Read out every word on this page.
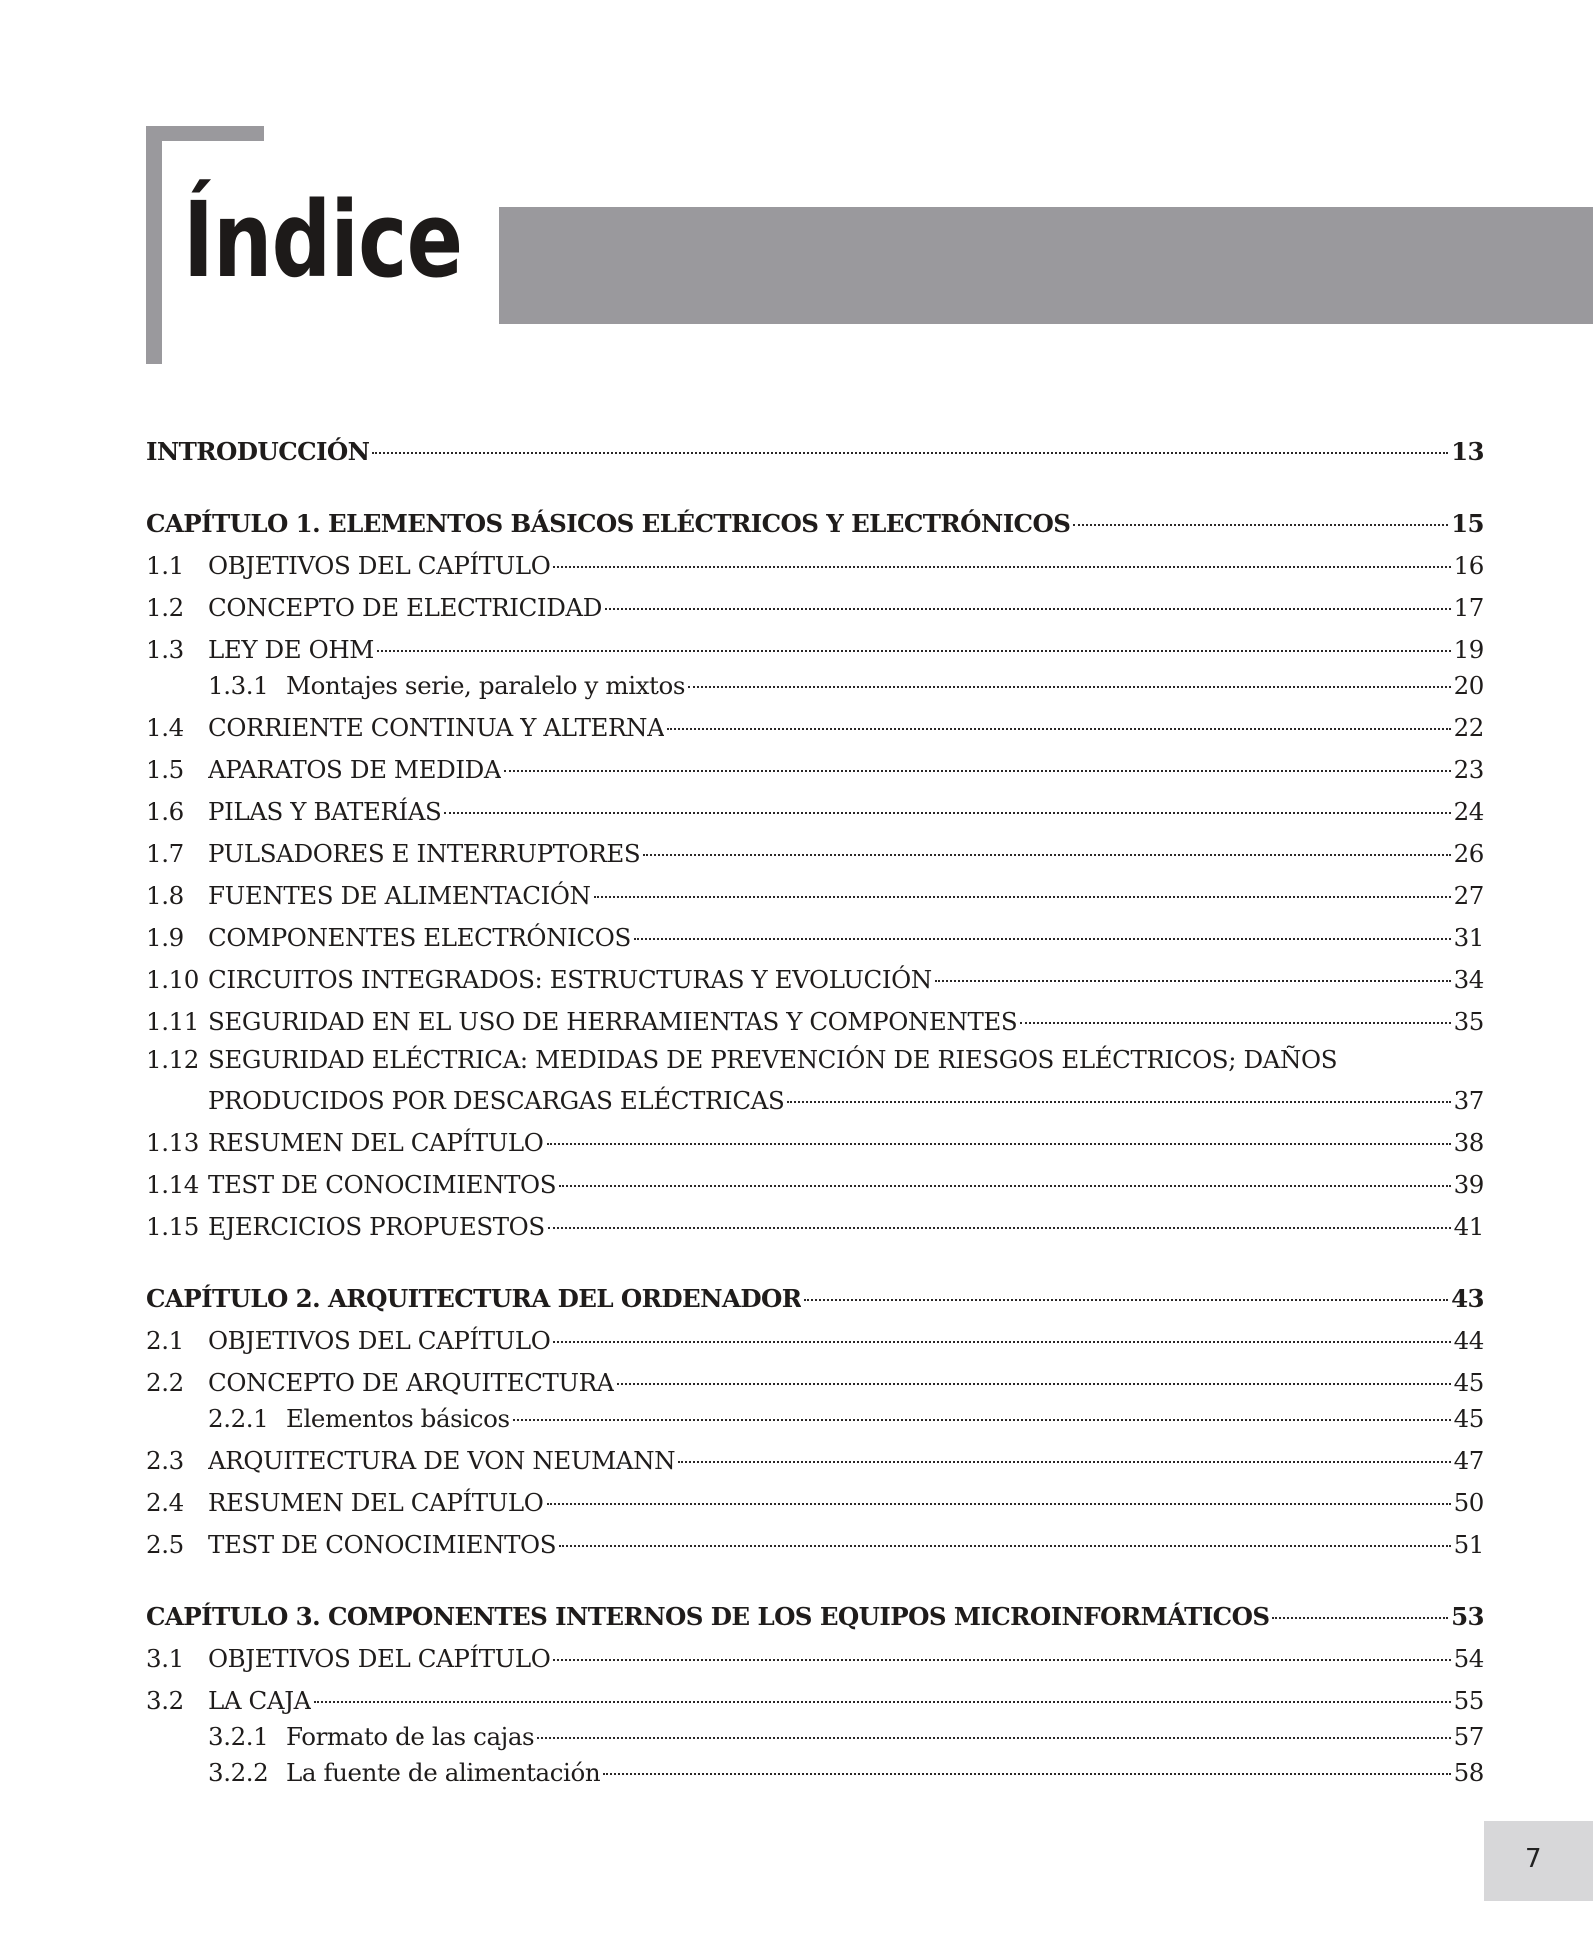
Índice
INTRODUCCIÓN	13
CAPÍTULO 1. ELEMENTOS BÁSICOS ELÉCTRICOS Y ELECTRÓNICOS	15
1.1 OBJETIVOS DEL CAPÍTULO	16
1.2 CONCEPTO DE ELECTRICIDAD	17
1.3 LEY DE OHM	19
1.3.1 Montajes serie, paralelo y mixtos	20
1.4 CORRIENTE CONTINUA Y ALTERNA	22
1.5 APARATOS DE MEDIDA	23
1.6 PILAS Y BATERÍAS	24
1.7 PULSADORES E INTERRUPTORES	26
1.8 FUENTES DE ALIMENTACIÓN	27
1.9 COMPONENTES ELECTRÓNICOS	31
1.10 CIRCUITOS INTEGRADOS: ESTRUCTURAS Y EVOLUCIÓN	34
1.11 SEGURIDAD EN EL USO DE HERRAMIENTAS Y COMPONENTES	35
1.12 SEGURIDAD ELÉCTRICA: MEDIDAS DE PREVENCIÓN DE RIESGOS ELÉCTRICOS; DAÑOS
PRODUCIDOS POR DESCARGAS ELÉCTRICAS	37
1.13 RESUMEN DEL CAPÍTULO	38
1.14 TEST DE CONOCIMIENTOS	39
1.15 EJERCICIOS PROPUESTOS	41
CAPÍTULO 2. ARQUITECTURA DEL ORDENADOR	43
2.1 OBJETIVOS DEL CAPÍTULO	44
2.2 CONCEPTO DE ARQUITECTURA	45
2.2.1 Elementos básicos	45
2.3 ARQUITECTURA DE VON NEUMANN	47
2.4 RESUMEN DEL CAPÍTULO	50
2.5 TEST DE CONOCIMIENTOS	51
CAPÍTULO 3. COMPONENTES INTERNOS DE LOS EQUIPOS MICROINFORMÁTICOS	53
3.1 OBJETIVOS DEL CAPÍTULO	54
3.2 LA CAJA	55
3.2.1 Formato de las cajas	57
3.2.2 La fuente de alimentación	58
7
